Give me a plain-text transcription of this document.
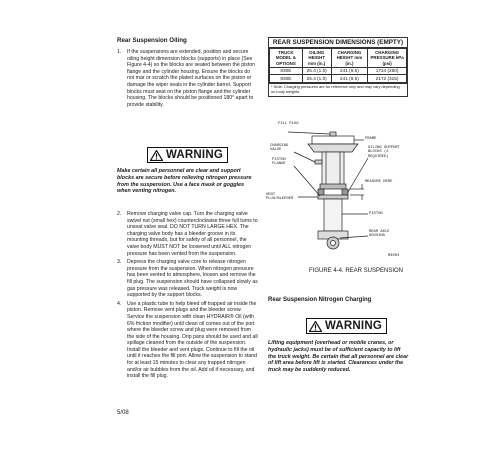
Rear Suspension Oiling
1. If the suspensions are extended, position and secure oiling height dimension blocks (supports) in place (See Figure 4-4) so the blocks are seated between the piston flange and the cylinder housing. Ensure the blocks do not mar or scratch the plated surfaces on the piston or damage the wiper seals in the cylinder barrel. Support blocks must seat on the piston flange and the cylinder housing. The blocks should be positioned 180° apart to provide stability.
WARNING
Make certain all personnel are clear and support blocks are secure before relieving nitrogen pressure from the suspension. Use a face mask or goggles when venting nitrogen.
2. Remove charging valve cap. Turn the charging valve swivel nut (small hex) counterclockwise three full turns to unseat valve seal. DO NOT TURN LARGE HEX. The charging valve body has a bleeder groove in its mounting threads, but for safety of all personnel, the valve body MUST NOT be loosened until ALL nitrogen pressure has been vented from the suspension.
3. Depress the charging valve core to release nitrogen pressure from the suspension. When nitrogen pressure has been vented to atmosphere, loosen and remove the fill plug. The suspension should have collapsed slowly as gas pressure was released. Truck weight is now supported by the support blocks.
4. Use a plastic tube to help bleed off trapped air inside the piston. Remove vent plugs and the bleeder screw. Service the suspension with clean HYDRAIR® Oil (with 6% friction modifier) until clean oil comes out of the port where the bleeder screw and plug were removed from the side of the housing. Drip pans should be used and all spillage cleaned from the outside of the suspension. Install the bleeder and vent plugs. Continue to fill the oil until it reaches the fill port. Allow the suspension to stand for at least 15 minutes to clear any trapped nitrogen and/or air bubbles from the oil. Add oil if necessary, and install the fill plug.
5/08
REAR SUSPENSION DIMENSIONS (EMPTY)
TRUCK MODEL & OPTIONS	OILING HEIGHT mm (in.)	CHARGING HEIGHT mm (in.)	CHARGING PRESSURE kPa (psi)
830E	25.4 (1.0)	241 (9.5)	1724 (250)
930E	25.4 (1.0)	241 (9.5)	2172 (315)
* Note: Charging pressures are for reference only and may vary depending on body weights.
FILL PLUG
CHARGING VALVE
PISTON FLANGE
VENT PLUG/BLEEDER
FRAME
OILING SUPPORT BLOCKS (2 REQUIRED)
MEASURE HERE
PISTON
REAR AXLE HOUSING
M4004
FIGURE 4-4. REAR SUSPENSION
Rear Suspension Nitrogen Charging
WARNING
Lifting equipment (overhead or mobile cranes, or hydraulic jacks) must be of sufficient capacity to lift the truck weight. Be certain that all personnel are clear of lift area before lift is started. Clearances under the truck may be suddenly reduced.
